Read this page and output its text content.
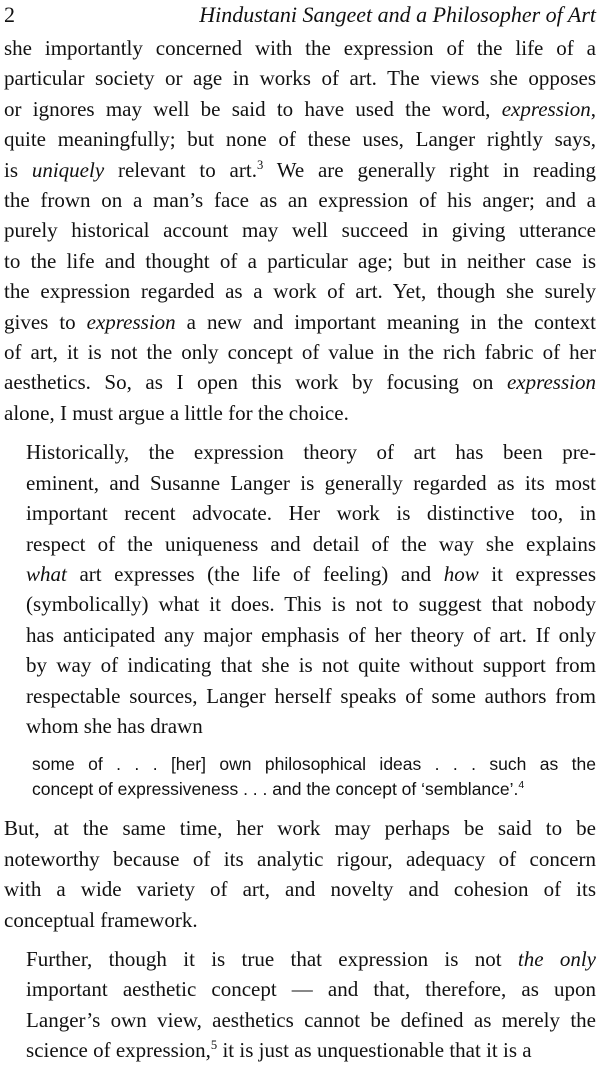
2	Hindustani Sangeet and a Philosopher of Art

she importantly concerned with the expression of the life of a
particular society or age in works of art. The views she opposes
or ignores may well be said to have used the word, expression,
quite meaningfully; but none of these uses, Langer rightly says,
is uniquely relevant to art.$^3$ We are generally right in reading
the frown on a man’s face as an expression of his anger; and a
purely historical account may well succeed in giving utterance
to the life and thought of a particular age; but in neither case is
the expression regarded as a work of art. Yet, though she surely
gives to expression a new and important meaning in the context
of art, it is not the only concept of value in the rich fabric of her
aesthetics. So, as I open this work by focusing on expression
alone, I must argue a little for the choice.

Historically, the expression theory of art has been pre-
eminent, and Susanne Langer is generally regarded as its most
important recent advocate. Her work is distinctive too, in
respect of the uniqueness and detail of the way she explains
what art expresses (the life of feeling) and how it expresses
(symbolically) what it does. This is not to suggest that nobody
has anticipated any major emphasis of her theory of art. If only
by way of indicating that she is not quite without support from
respectable sources, Langer herself speaks of some authors from
whom she has drawn

some of . . . [her] own philosophical ideas . . . such as the
concept of expressiveness . . . and the concept of ‘semblance’.$^4$

But, at the same time, her work may perhaps be said to be
noteworthy because of its analytic rigour, adequacy of concern
with a wide variety of art, and novelty and cohesion of its
conceptual framework.

Further, though it is true that expression is not the only
important aesthetic concept — and that, therefore, as upon
Langer’s own view, aesthetics cannot be defined as merely the
science of expression,$^5$ it is just as unquestionable that it is a
